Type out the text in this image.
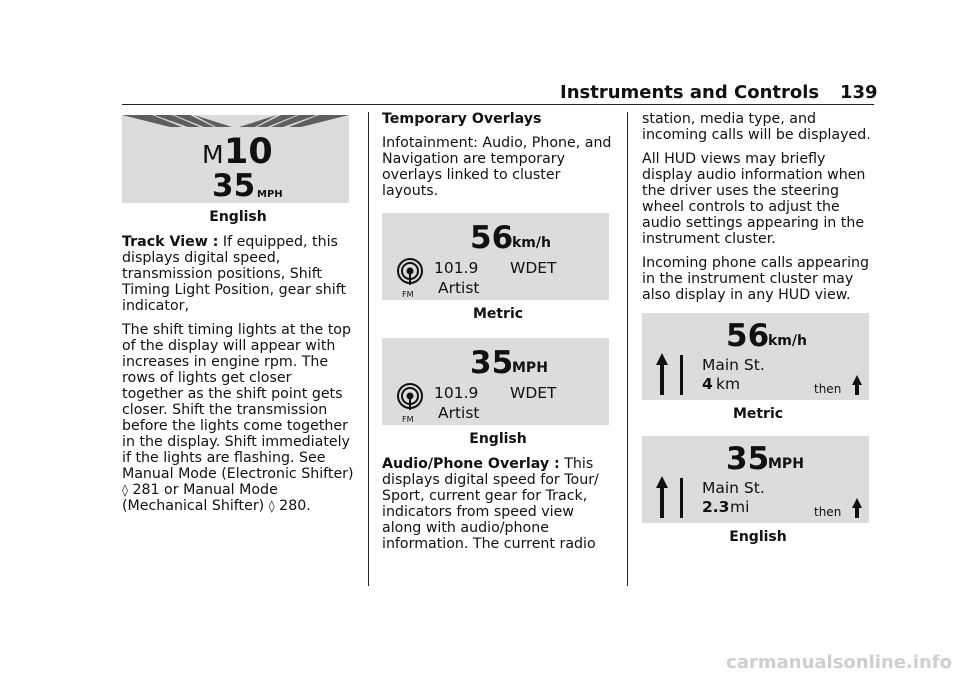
Instruments and Controls 139
M 10
35 MPH
English

Track View : If equipped, this displays digital speed, transmission positions, Shift Timing Light Position, gear shift indicator,

The shift timing lights at the top of the display will appear with increases in engine rpm. The rows of lights get closer together as the shift point gets closer. Shift the transmission before the lights come together in the display. Shift immediately if the lights are flashing. See Manual Mode (Electronic Shifter) ◊ 281 or Manual Mode (Mechanical Shifter) ◊ 280.

Temporary Overlays

Infotainment: Audio, Phone, and Navigation are temporary overlays linked to cluster layouts.

56
km/h
FM
101.9 WDET
Artist
Metric
35
MPH
FM
101.9 WDET
Artist
English

Audio/Phone Overlay : This displays digital speed for Tour/ Sport, current gear for Track, indicators from speed view along with audio/phone information. The current radio

station, media type, and incoming calls will be displayed.

All HUD views may briefly display audio information when the driver uses the steering wheel controls to adjust the audio settings appearing in the instrument cluster.

Incoming phone calls appearing in the instrument cluster may also display in any HUD view.

56
km/h
Main St.
4 km	then
Metric
35
MPH
Main St.
2.3 mi	then
English
carmanualsonline.info
